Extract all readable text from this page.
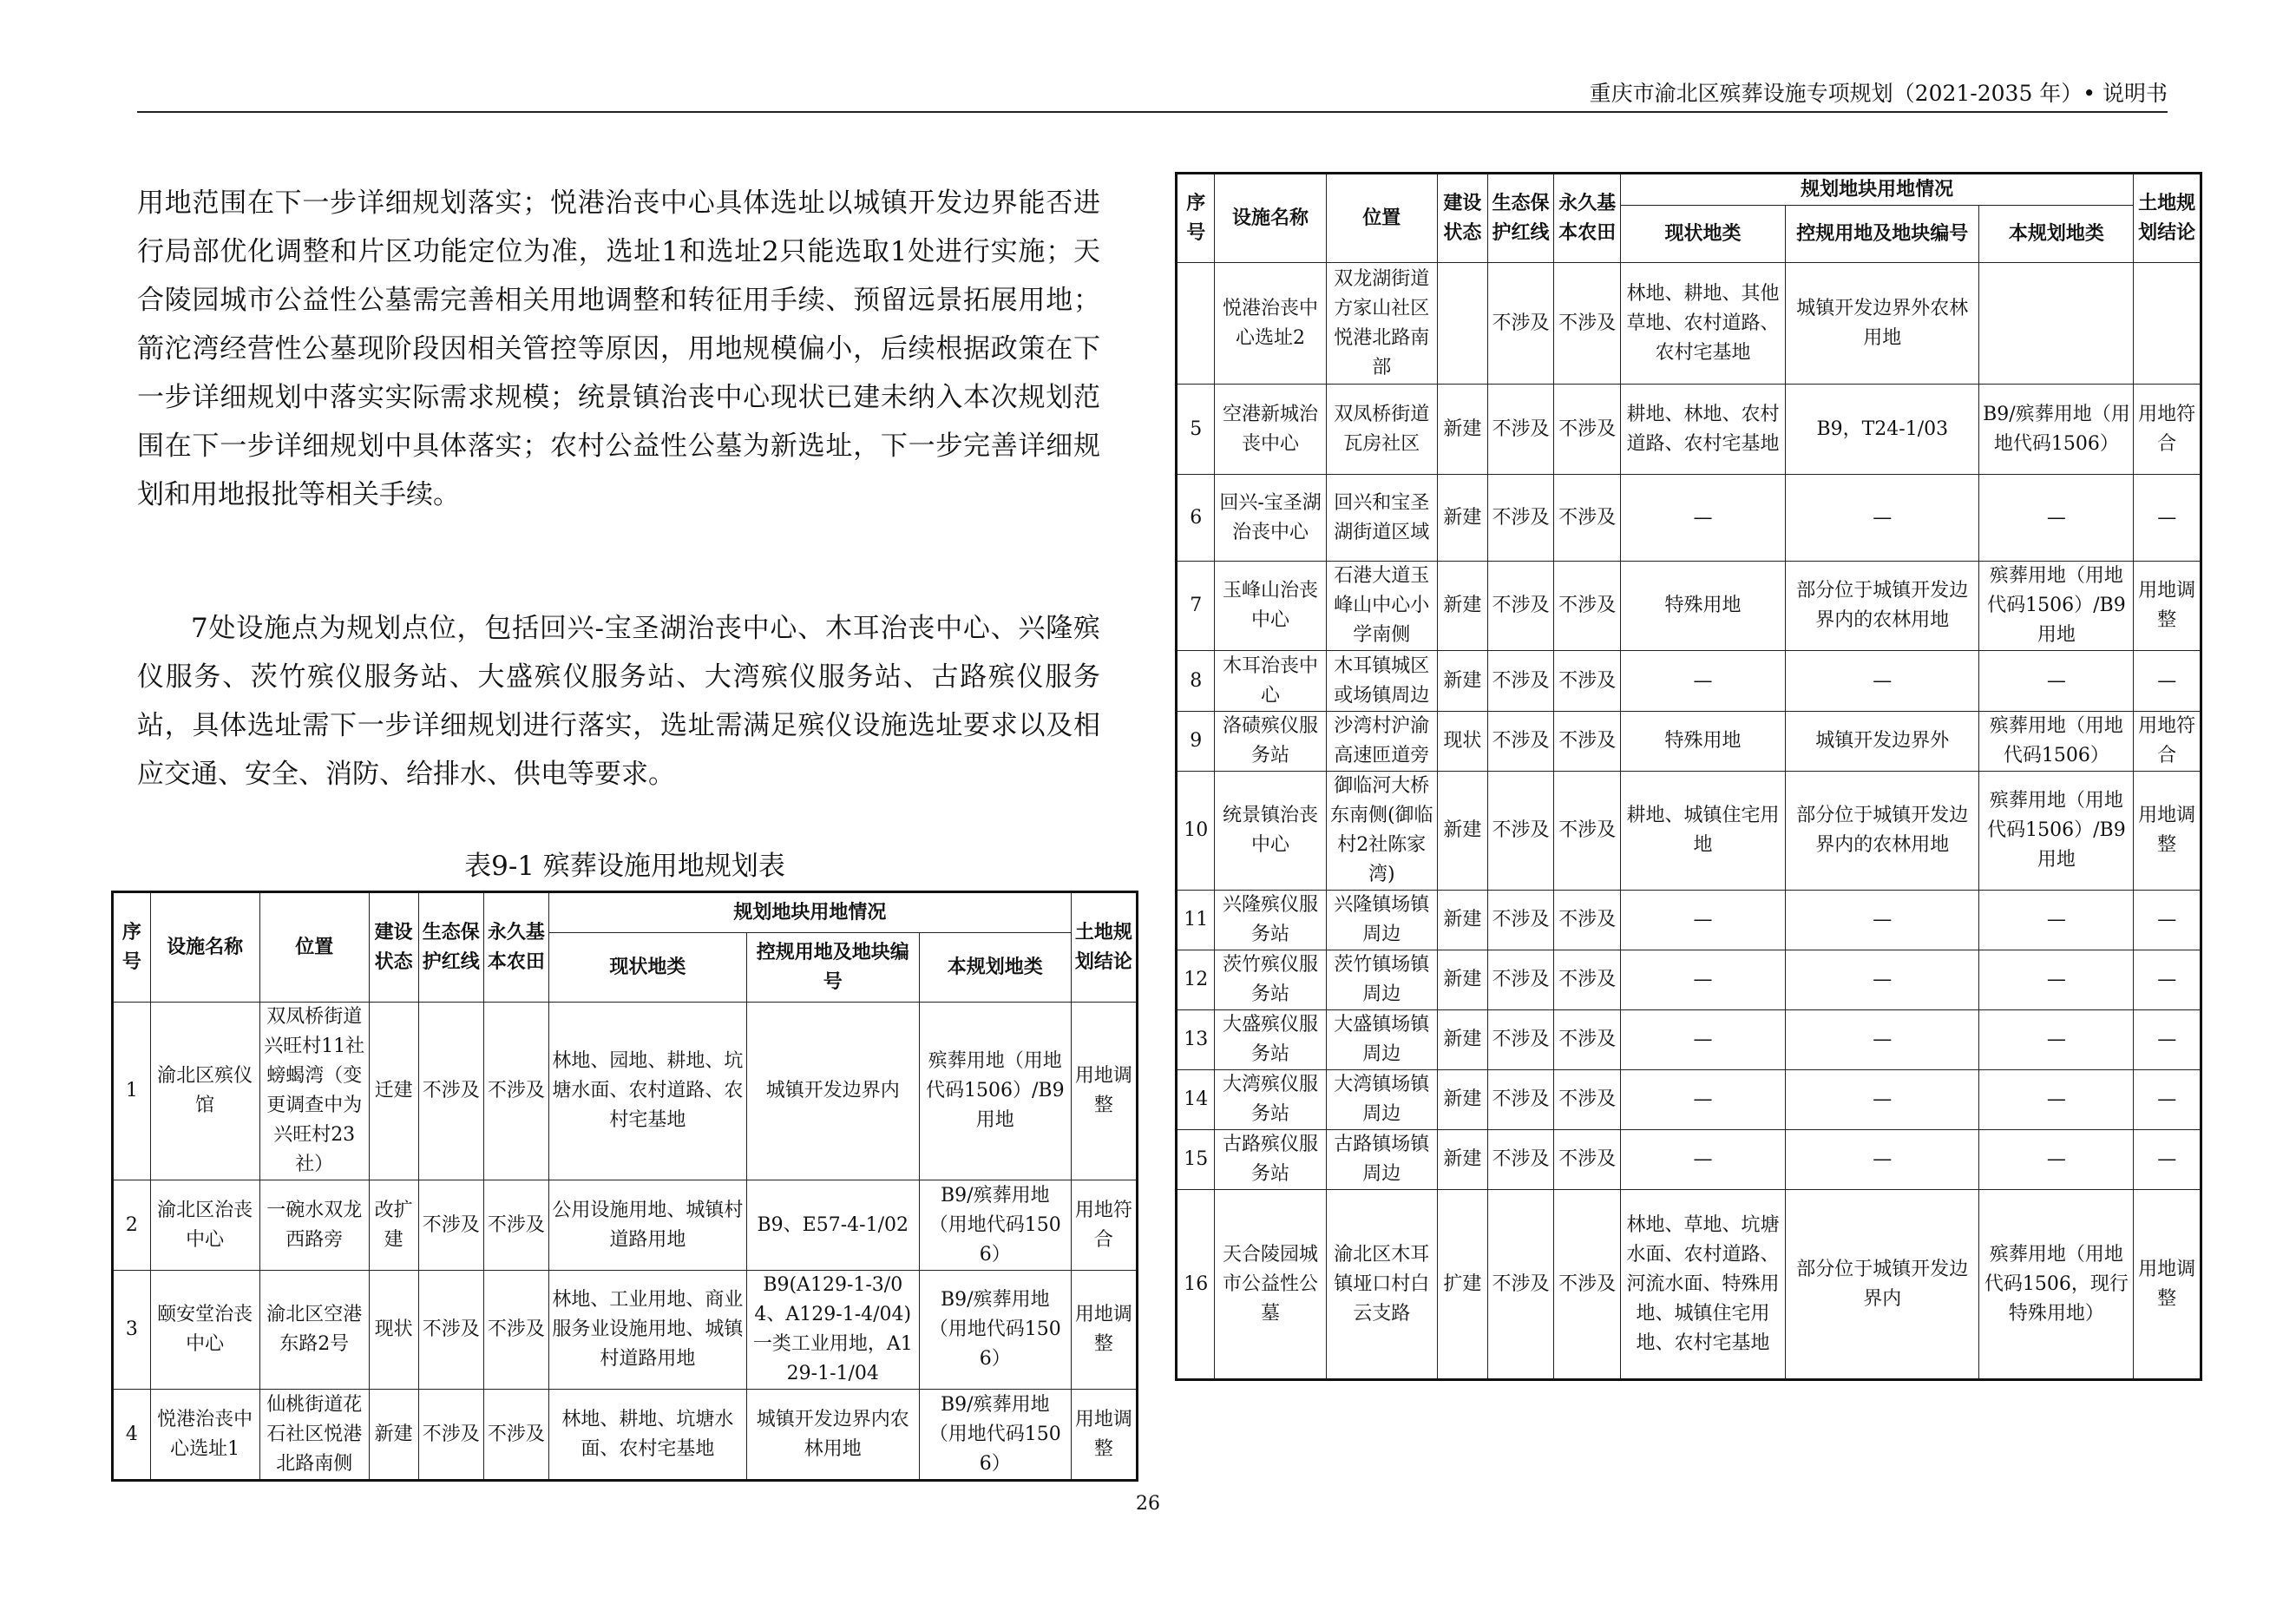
重庆市渝北区殡葬设施专项规划（2021-2035 年）• 说明书

用地范围在下一步详细规划落实；悦港治丧中心具体选址以城镇开发边界能否进行局部优化调整和片区功能定位为准，选址1和选址2只能选取1处进行实施；天合陵园城市公益性公墓需完善相关用地调整和转征用手续、预留远景拓展用地；箭沱湾经营性公墓现阶段因相关管控等原因，用地规模偏小，后续根据政策在下一步详细规划中落实实际需求规模；统景镇治丧中心现状已建未纳入本次规划范围在下一步详细规划中具体落实；农村公益性公墓为新选址，下一步完善详细规划和用地报批等相关手续。

7处设施点为规划点位，包括回兴-宝圣湖治丧中心、木耳治丧中心、兴隆殡仪服务、茨竹殡仪服务站、大盛殡仪服务站、大湾殡仪服务站、古路殡仪服务站，具体选址需下一步详细规划进行落实，选址需满足殡仪设施选址要求以及相应交通、安全、消防、给排水、供电等要求。

表9-1 殡葬设施用地规划表
序号	设施名称	位置	建设状态	生态保护红线	永久基本农田	规划地块用地情况			土地规划结论
						现状地类	控规用地及地块编号	本规划地类	
1	渝北区殡仪馆	双凤桥街道兴旺村11社螃蝎湾（变更调查中为兴旺村23社）	迁建	不涉及	不涉及	林地、园地、耕地、坑塘水面、农村道路、农村宅基地	城镇开发边界内	殡葬用地（用地代码1506）/B9用地	用地调整
2	渝北区治丧中心	一碗水双龙西路旁	改扩建	不涉及	不涉及	公用设施用地、城镇村道路用地	B9、E57-4-1/02	B9/殡葬用地（用地代码1506）	用地符合
3	颐安堂治丧中心	渝北区空港东路2号	现状	不涉及	不涉及	林地、工业用地、商业服务业设施用地、城镇村道路用地	B9(A129-1-3/04、A129-1-4/04)一类工业用地，A129-1-1/04	B9/殡葬用地（用地代码1506）	用地调整
4	悦港治丧中心选址1	仙桃街道花石社区悦港北路南侧	新建	不涉及	不涉及	林地、耕地、坑塘水面、农村宅基地	城镇开发边界内农林用地	B9/殡葬用地（用地代码1506）	用地调整
序号	设施名称	位置	建设状态	生态保护红线	永久基本农田	规划地块用地情况			土地规划结论
						现状地类	控规用地及地块编号	本规划地类	
	悦港治丧中心选址2	双龙湖街道方家山社区悦港北路南部		不涉及	不涉及	林地、耕地、其他草地、农村道路、农村宅基地	城镇开发边界外农林用地		
5	空港新城治丧中心	双凤桥街道瓦房社区	新建	不涉及	不涉及	耕地、林地、农村道路、农村宅基地	B9，T24-1/03	B9/殡葬用地（用地代码1506）	用地符合
6	回兴-宝圣湖治丧中心	回兴和宝圣湖街道区域	新建	不涉及	不涉及	—	—	—	—
7	玉峰山治丧中心	石港大道玉峰山中心小学南侧	新建	不涉及	不涉及	特殊用地	部分位于城镇开发边界内的农林用地	殡葬用地（用地代码1506）/B9用地	用地调整
8	木耳治丧中心	木耳镇城区或场镇周边	新建	不涉及	不涉及	—	—	—	—
9	洛碛殡仪服务站	沙湾村沪渝高速匝道旁	现状	不涉及	不涉及	特殊用地	城镇开发边界外	殡葬用地（用地代码1506）	用地符合
10	统景镇治丧中心	御临河大桥东南侧(御临村2社陈家湾)	新建	不涉及	不涉及	耕地、城镇住宅用地	部分位于城镇开发边界内的农林用地	殡葬用地（用地代码1506）/B9用地	用地调整
11	兴隆殡仪服务站	兴隆镇场镇周边	新建	不涉及	不涉及	—	—	—	—
12	茨竹殡仪服务站	茨竹镇场镇周边	新建	不涉及	不涉及	—	—	—	—
13	大盛殡仪服务站	大盛镇场镇周边	新建	不涉及	不涉及	—	—	—	—
14	大湾殡仪服务站	大湾镇场镇周边	新建	不涉及	不涉及	—	—	—	—
15	古路殡仪服务站	古路镇场镇周边	新建	不涉及	不涉及	—	—	—	—
16	天合陵园城市公益性公墓	渝北区木耳镇垭口村白云支路	扩建	不涉及	不涉及	林地、草地、坑塘水面、农村道路、河流水面、特殊用地、城镇住宅用地、农村宅基地	部分位于城镇开发边界内	殡葬用地（用地代码1506，现行特殊用地）	用地调整
26
